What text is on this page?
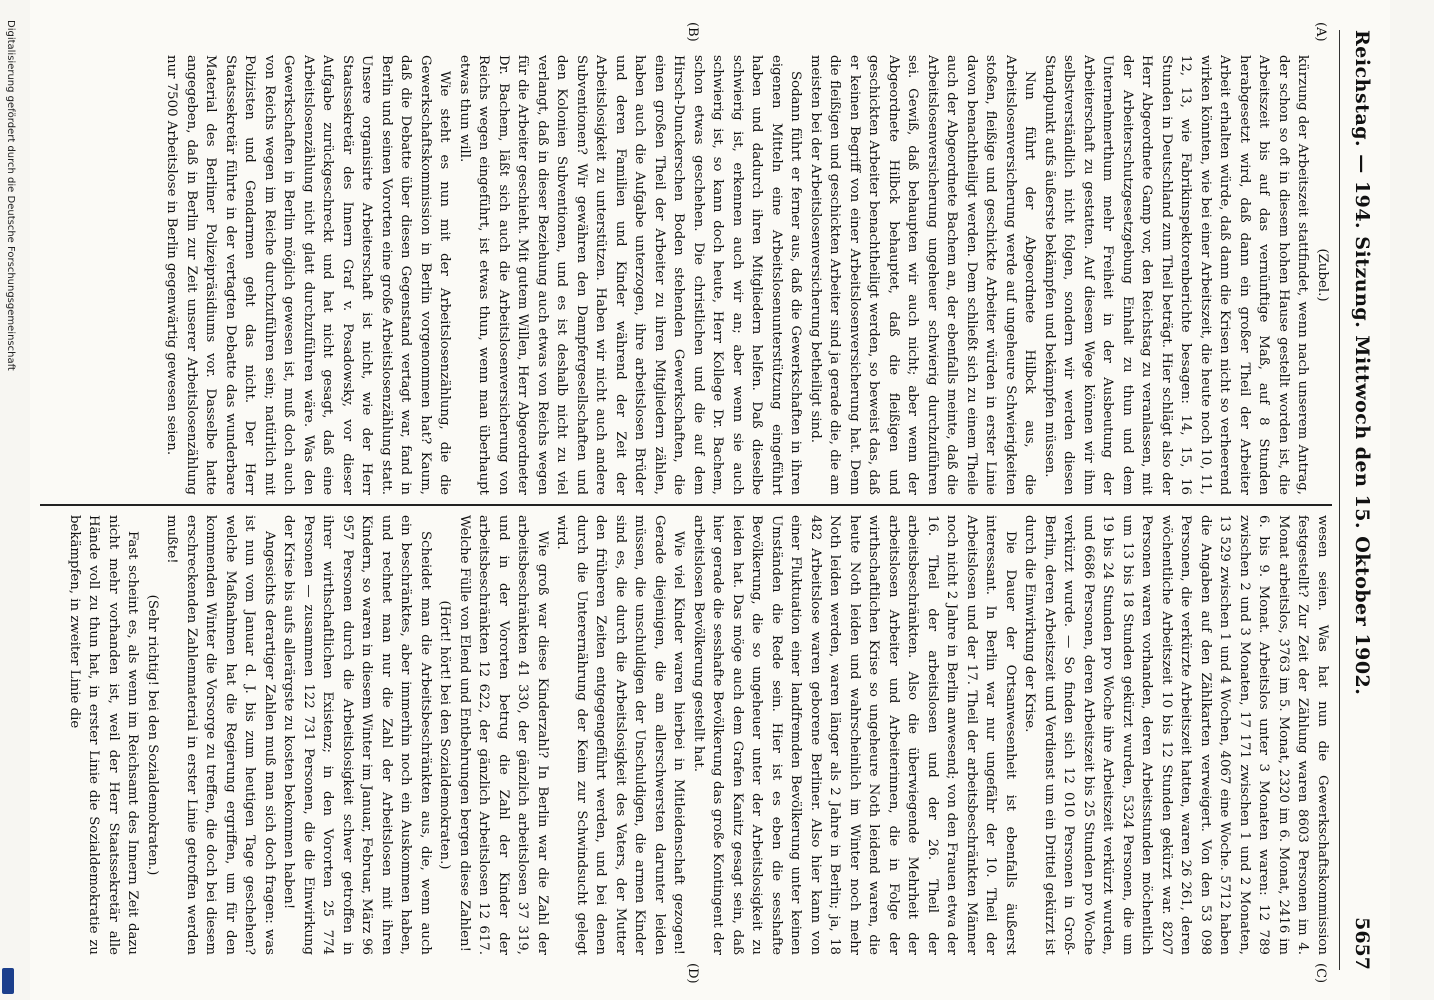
Reichstag. — 194. Sitzung. Mittwoch den 15. Oktober 1902.
5657
(A)
(B)
(C)
(D)

(Zubel.)

kürzung der Arbeitszeit stattfindet, wenn nach unserem Antrag, der schon so oft in diesem hohen Hause gestellt worden ist, die Arbeitszeit bis auf das vernünftige Maß, auf 8 Stunden herabgesetzt wird, daß dann ein großer Theil der Arbeiter Arbeit erhalten würde, daß dann die Krisen nicht so verheerend wirken könnten, wie bei einer Arbeitszeit, die heute noch 10, 11, 12, 13, wie Fabrikinspektorenberichte besagen: 14, 15, 16 Stunden in Deutschland zum Theil beträgt. Hier schlägt also der Herr Abgeordnete Gamp vor, den Reichstag zu veranlassen, mit der Arbeiterschutzgesetzgebung Einhalt zu thun und dem Unternehmerthum mehr Freiheit in der Ausbeutung der Arbeiterschaft zu gestatten. Auf diesem Wege können wir ihm selbstverständlich nicht folgen, sondern wir werden diesen Standpunkt aufs äußerste bekämpfen und bekämpfen müssen.

Nun führt der Abgeordnete Hilbck aus, die Arbeitslosenversicherung werde auf ungeheure Schwierigkeiten stoßen, fleißige und geschickte Arbeiter würden in erster Linie davon benachtheiligt werden. Dem schließt sich zu einem Theile auch der Abgeordnete Bachem an, der ebenfalls meinte, daß die Arbeitslosenversicherung ungeheuer schwierig durchzuführen sei. Gewiß, daß behaupten wir auch nicht; aber wenn der Abgeordnete Hilbck behauptet, daß die fleißigen und geschickten Arbeiter benachtheiligt werden, so beweist das, daß er keinen Begriff von einer Arbeitslosenversicherung hat. Denn die fleißigen und geschickten Arbeiter sind ja gerade die, die am meisten bei der Arbeitslosenversicherung betheiligt sind.

Sodann führt er ferner aus, daß die Gewerkschaften in ihren eigenen Mitteln eine Arbeitslosenunterstützung eingeführt haben und dadurch ihren Mitgliedern helfen. Daß dieselbe schwierig ist, erkennen auch wir an; aber wenn sie auch schwierig ist, so kann doch heute, Herr Kollege Dr. Bachem, schon etwas geschehen. Die christlichen und die auf dem Hirsch-Dunckerschen Boden stehenden Gewerkschaften, die einen großen Theil der Arbeiter zu ihren Mitgliedern zählen, haben auch die Aufgabe unterzogen, ihre arbeitslosen Brüder und deren Familien und Kinder während der Zeit der Arbeitslosigkeit zu unterstützen. Haben wir nicht auch andere Subventionen? Wir gewähren den Dampfergesellschaften und den Kolonien Subventionen, und es ist deshalb nicht zu viel verlangt, daß in dieser Beziehung auch etwas von Reichs wegen für die Arbeiter geschieht. Mit gutem Willen, Herr Abgeordneter Dr. Bachem, läßt sich auch die Arbeitslosenversicherung von Reichs wegen eingeführt, ist etwas thun, wenn man überhaupt etwas thun will.

Wie steht es nun mit der Arbeitslosenzählung, die die Gewerkschaftskommission in Berlin vorgenommen hat? Kaum, daß die Debatte über diesen Gegenstand vertagt war, fand in Berlin und seinen Vororten eine große Arbeitslosenzählung statt. Unsere organisirte Arbeiterschaft ist nicht, wie der Herr Staatssekretär des Innern Graf v. Posadowsky, vor dieser Aufgabe zurückgeschreckt und hat nicht gesagt, daß eine Arbeitslosenzählung nicht glatt durchzuführen wäre. Was den Gewerkschaften in Berlin möglich gewesen ist, muß doch auch von Reichs wegen im Reiche durchzuführen sein; natürlich mit Polizisten und Gendarmen geht das nicht. Der Herr Staatssekretär führte in der vertagten Debatte das wunderbare Material des Berliner Polizeipräsidiums vor. Dasselbe hatte angegeben, daß in Berlin zur Zeit unserer Arbeitslosenzählung nur 7500 Arbeitslose in Berlin gegenwärtig gewesen seien.

wesen seien. Was hat nun die Gewerkschaftskommission festgestellt? Zur Zeit der Zählung waren 8603 Personen im 4. Monat arbeitslos, 3763 im 5. Monat, 2320 im 6. Monat, 2416 im 6. bis 9. Monat. Arbeitslos unter 3 Monaten waren: 12 789 zwischen 2 und 3 Monaten, 17 171 zwischen 1 und 2 Monaten, 13 529 zwischen 1 und 4 Wochen, 4067 eine Woche. 5712 haben die Angaben auf den Zählkarten verweigert. Von den 53 098 Personen, die verkürzte Arbeitszeit hatten, waren 26 261, deren wöchentliche Arbeitszeit 10 bis 12 Stunden gekürzt war. 8207 Personen waren vorhanden, deren Arbeitsstunden möchentlich um 13 bis 18 Stunden gekürzt wurden, 5324 Personen, die um 19 bis 24 Stunden pro Woche ihre Arbeitszeit verkürzt wurden, und 6686 Personen, deren Arbeitszeit bis 25 Stunden pro Woche verkürzt wurde. — So finden sich 12 010 Personen in Groß-Berlin, deren Arbeitszeit und Verdienst um ein Drittel gekürzt ist durch die Einwirkung der Krise.

Die Dauer der Ortsanwesenheit ist ebenfalls äußerst interessant. In Berlin war nur ungefähr der 10. Theil der Arbeitslosen und der 17. Theil der arbeitsbeschränkten Männer noch nicht 2 Jahre in Berlin anwesend; von den Frauen etwa der 16. Theil der arbeitslosen und der 26. Theil der arbeitsbeschränkten. Also die überwiegende Mehrheit der arbeitslosen Arbeiter und Arbeiterinnen, die in Folge der wirthschaftlichen Krise so ungeheure Noth leidend waren, die heute Noth leiden und wahrscheinlich im Winter noch mehr Noth leiden werden, waren länger als 2 Jahre in Berlin; ja, 18 482 Arbeitslose waren geborene Berliner. Also hier kann von einer Fluktuation einer landfremden Bevölkerung unter keinen Umständen die Rede sein. Hier ist es eben die sesshafte Bevölkerung, die so ungeheuer unter der Arbeitslosigkeit zu leiden hat. Das möge auch dem Grafen Kanitz gesagt sein, daß hier gerade die sesshafte Bevölkerung das große Kontingent der arbeitslosen Bevölkerung gestellt hat.

Wie viel Kinder waren hierbei in Mitleidenschaft gezogen! Gerade diejenigen, die am allerschwersten darunter leiden müssen, die unschuldigen der Unschuldigen, die armen Kinder sind es, die durch die Arbeitslosigkeit des Vaters, der Mutter den früheren Zeiten entgegengeführt werden, und bei denen durch die Unterernährung der Keim zur Schwindsucht gelegt wird.

Wie groß war diese Kinderzahl? In Berlin war die Zahl der arbeitsbeschränkten 41 330, der gänzlich arbeitslosen 37 319, und in der Vororten betrug die Zahl der Kinder der arbeitsbeschränkten 12 622, der gänzlich Arbeitslosen 12 617. Welche Fülle von Elend und Entbehrungen bergen diese Zahlen!

(Hört! hört! bei den Sozialdemokraten.)

Scheidet man die Arbeitsbeschränkten aus, die, wenn auch ein beschränktes, aber immerhin noch ein Auskommen haben, und rechnet man nur die Zahl der Arbeitslosen mit ihren Kindern, so waren in diesem Winter im Januar, Februar, März 96 957 Personen durch die Arbeitslosigkeit schwer getroffen in ihrer wirthschaftlichen Existenz; in den Vororten 25 774 Personen — zusammen 122 731 Personen, die die Einwirkung der Krise bis aufs allerärgste zu kosten bekommen haben!

Angesichts derartiger Zahlen muß man sich doch fragen: was ist nun vom Januar d. J. bis zum heutigen Tage geschehen? welche Maßnahmen hat die Regierung ergriffen, um für den kommenden Winter die Vorsorge zu treffen, die doch bei diesem erschreckenden Zahlenmaterial in erster Linie getroffen werden mußte!

(Sehr richtig! bei den Sozialdemokraten.)

Fast scheint es, als wenn im Reichsamt des Innern Zeit dazu nicht mehr vorhanden ist, weil der Herr Staatssekretär alle Hände voll zu thun hat, in erster Linie die Sozialdemokratie zu bekämpfen, in zweiter Linie die

Digitalisierung gefördert durch die Deutsche Forschungsgemeinschaft
